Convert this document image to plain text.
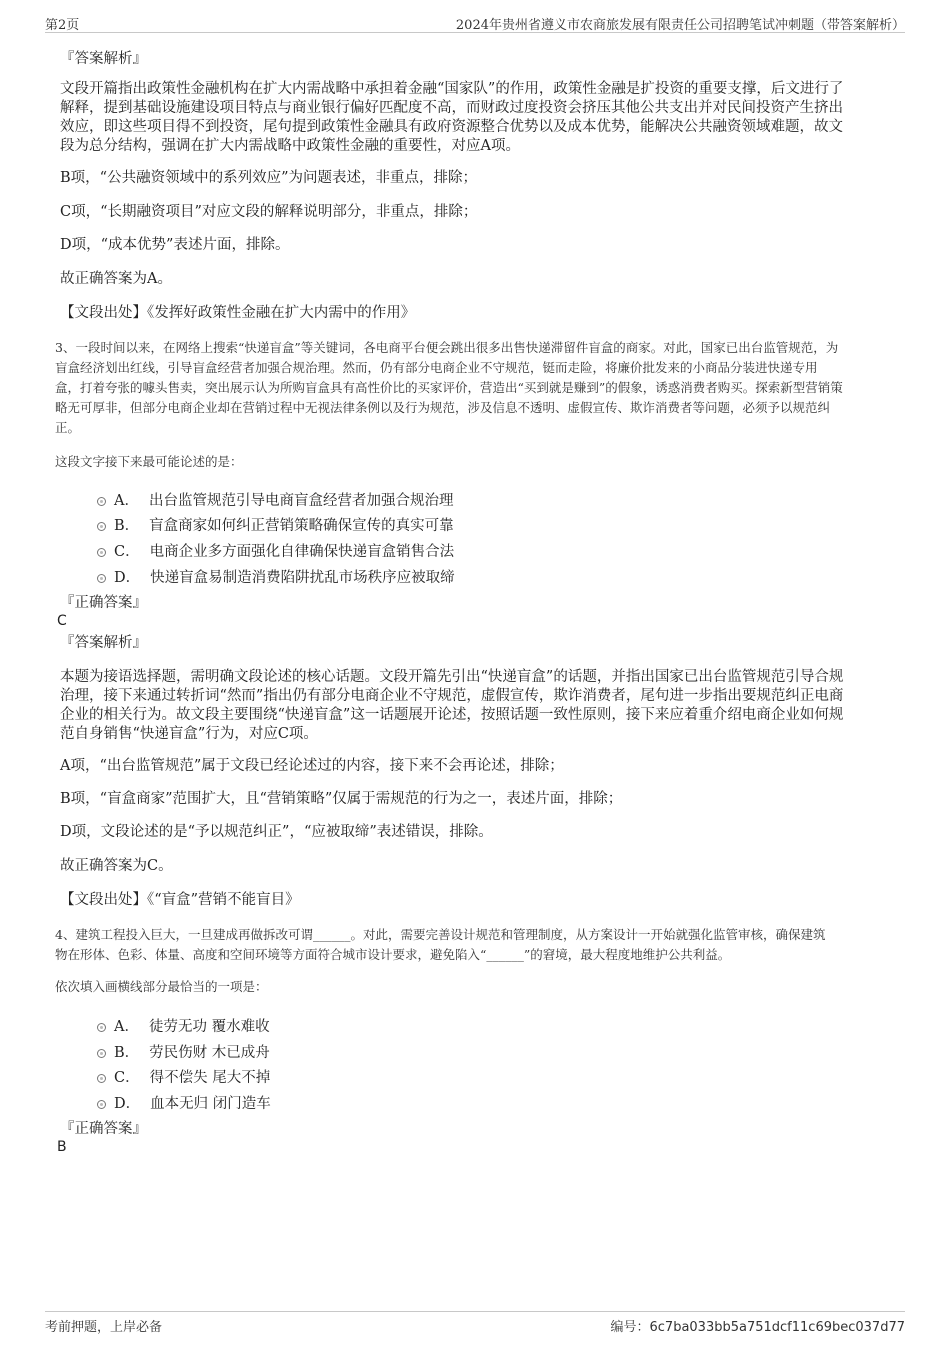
第2页	2024年贵州省遵义市农商旅发展有限责任公司招聘笔试冲刺题（带答案解析）

『答案解析』

文段开篇指出政策性金融机构在扩大内需战略中承担着金融“国家队”的作用，政策性金融是扩投资的重要支撑，后文进行了

解释，提到基础设施建设项目特点与商业银行偏好匹配度不高，而财政过度投资会挤压其他公共支出并对民间投资产生挤出

效应，即这些项目得不到投资，尾句提到政策性金融具有政府资源整合优势以及成本优势，能解决公共融资领域难题，故文

段为总分结构，强调在扩大内需战略中政策性金融的重要性，对应A项。

B项，“公共融资领域中的系列效应”为问题表述，非重点，排除；

C项，“长期融资项目”对应文段的解释说明部分，非重点，排除；

D项，“成本优势”表述片面，排除。

故正确答案为A。

【文段出处】《发挥好政策性金融在扩大内需中的作用》

3、一段时间以来，在网络上搜索“快递盲盒”等关键词，各电商平台便会跳出很多出售快递滞留件盲盒的商家。对此，国家已出台监管规范，为

盲盒经济划出红线，引导盲盒经营者加强合规治理。然而，仍有部分电商企业不守规范，铤而走险，将廉价批发来的小商品分装进快递专用

盒，打着夸张的噱头售卖，突出展示认为所购盲盒具有高性价比的买家评价，营造出“买到就是赚到”的假象，诱惑消费者购买。探索新型营销策

略无可厚非，但部分电商企业却在营销过程中无视法律条例以及行为规范，涉及信息不透明、虚假宣传、欺诈消费者等问题，必须予以规范纠

正。

这段文字接下来最可能论述的是：

A． 出台监管规范引导电商盲盒经营者加强合规治理
B． 盲盒商家如何纠正营销策略确保宣传的真实可靠
C． 电商企业多方面强化自律确保快递盲盒销售合法
D． 快递盲盒易制造消费陷阱扰乱市场秩序应被取缔

『正确答案』

C

『答案解析』

本题为接语选择题，需明确文段论述的核心话题。文段开篇先引出“快递盲盒”的话题，并指出国家已出台监管规范引导合规

治理，接下来通过转折词“然而”指出仍有部分电商企业不守规范，虚假宣传，欺诈消费者，尾句进一步指出要规范纠正电商

企业的相关行为。故文段主要围绕“快递盲盒”这一话题展开论述，按照话题一致性原则，接下来应着重介绍电商企业如何规

范自身销售“快递盲盒”行为，对应C项。

A项，“出台监管规范”属于文段已经论述过的内容，接下来不会再论述，排除；

B项，“盲盒商家”范围扩大，且“营销策略”仅属于需规范的行为之一，表述片面，排除；

D项，文段论述的是“予以规范纠正”，“应被取缔”表述错误，排除。

故正确答案为C。

【文段出处】《“盲盒”营销不能盲目》

4、建筑工程投入巨大，一旦建成再做拆改可谓______。对此，需要完善设计规范和管理制度，从方案设计一开始就强化监管审核，确保建筑

物在形体、色彩、体量、高度和空间环境等方面符合城市设计要求，避免陷入“______”的窘境，最大程度地维护公共利益。

依次填入画横线部分最恰当的一项是：

A． 徒劳无功 覆水难收
B． 劳民伤财 木已成舟
C． 得不偿失 尾大不掉
D． 血本无归 闭门造车

『正确答案』

B

考前押题，上岸必备	编号：6c7ba033bb5a751dcf11c69bec037d77
